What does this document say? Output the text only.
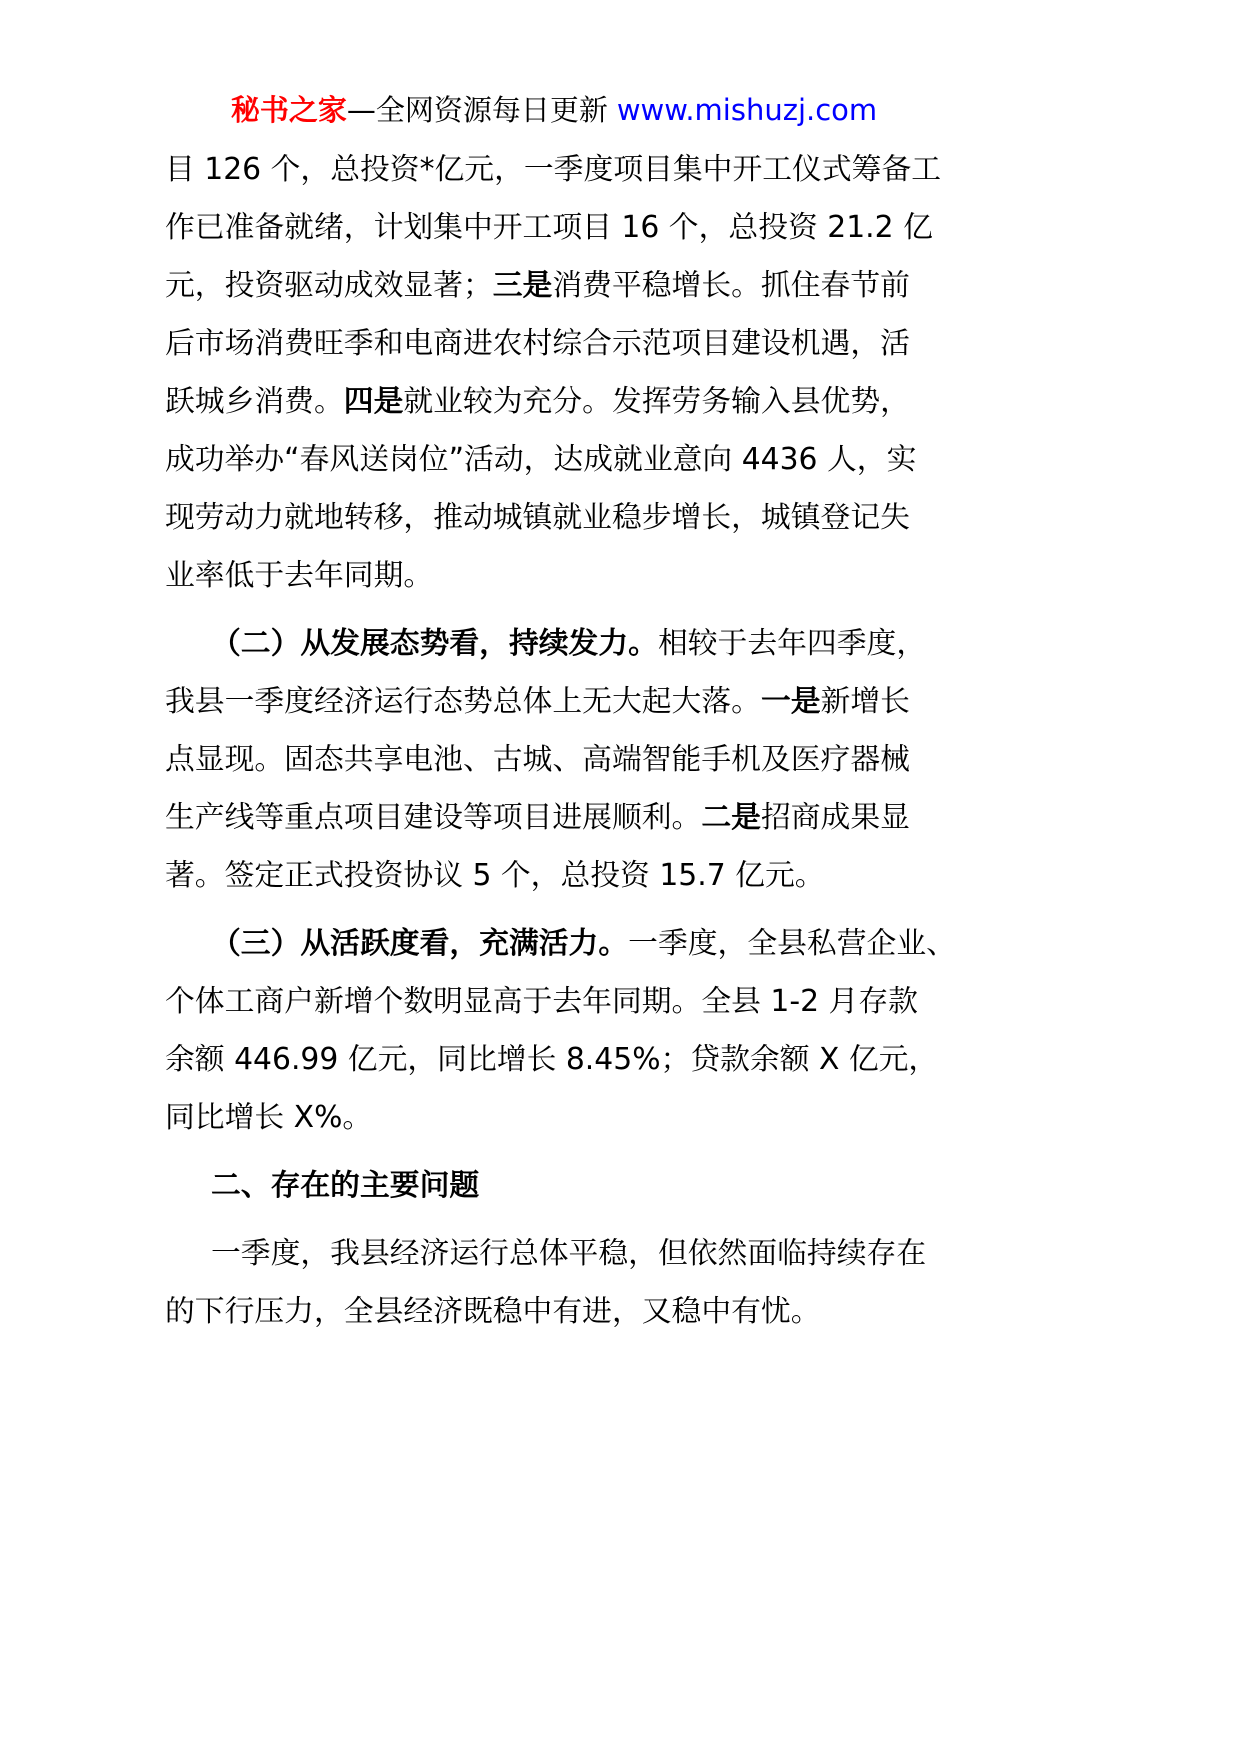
秘书之家—全网资源每日更新 www.mishuzj.com
目 126 个，总投资*亿元，一季度项目集中开工仪式筹备工
作已准备就绪，计划集中开工项目 16 个，总投资 21.2 亿
元，投资驱动成效显著；三是消费平稳增长。抓住春节前
后市场消费旺季和电商进农村综合示范项目建设机遇，活
跃城乡消费。四是就业较为充分。发挥劳务输入县优势，
成功举办“春风送岗位”活动，达成就业意向 4436 人，实
现劳动力就地转移，推动城镇就业稳步增长，城镇登记失
业率低于去年同期。
（二）从发展态势看，持续发力。相较于去年四季度，
我县一季度经济运行态势总体上无大起大落。一是新增长
点显现。固态共享电池、古城、高端智能手机及医疗器械
生产线等重点项目建设等项目进展顺利。二是招商成果显
著。签定正式投资协议 5 个，总投资 15.7 亿元。
（三）从活跃度看，充满活力。一季度，全县私营企业、
个体工商户新增个数明显高于去年同期。全县 1-2 月存款
余额 446.99 亿元，同比增长 8.45%；贷款余额 X 亿元，
同比增长 X%。
二、存在的主要问题
一季度，我县经济运行总体平稳，但依然面临持续存在
的下行压力，全县经济既稳中有进，又稳中有忧。
